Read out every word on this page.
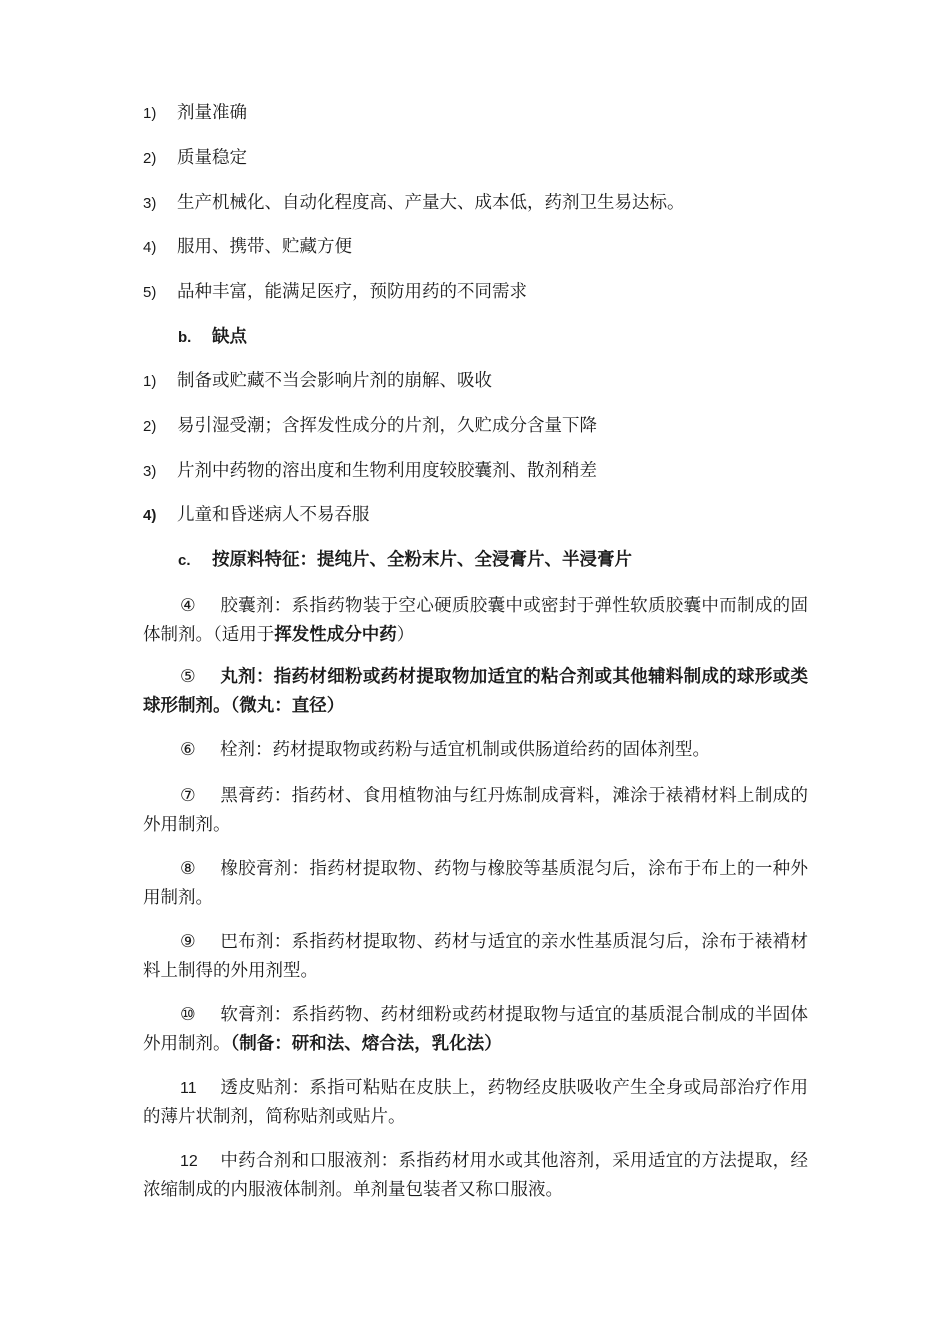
1) 剂量准确
2) 质量稳定
3) 生产机械化、自动化程度高、产量大、成本低，药剂卫生易达标。
4) 服用、携带、贮藏方便
5) 品种丰富，能满足医疗，预防用药的不同需求
b. 缺点
1) 制备或贮藏不当会影响片剂的崩解、吸收
2) 易引湿受潮；含挥发性成分的片剂，久贮成分含量下降
3) 片剂中药物的溶出度和生物利用度较胶囊剂、散剂稍差
4) 儿童和昏迷病人不易吞服
c. 按原料特征：提纯片、全粉末片、全浸膏片、半浸膏片
④ 胶囊剂：系指药物装于空心硬质胶囊中或密封于弹性软质胶囊中而制成的固体制剂。（适用于挥发性成分中药）
⑤ 丸剂：指药材细粉或药材提取物加适宜的粘合剂或其他辅料制成的球形或类球形制剂。（微丸：直径）
⑥ 栓剂：药材提取物或药粉与适宜机制或供肠道给药的固体剂型。
⑦ 黑膏药：指药材、食用植物油与红丹炼制成膏料，滩涂于裱褙材料上制成的外用制剂。
⑧ 橡胶膏剂：指药材提取物、药物与橡胶等基质混匀后，涂布于布上的一种外用制剂。
⑨ 巴布剂：系指药材提取物、药材与适宜的亲水性基质混匀后，涂布于裱褙材料上制得的外用剂型。
⑩ 软膏剂：系指药物、药材细粉或药材提取物与适宜的基质混合制成的半固体外用制剂。（制备：研和法、熔合法，乳化法）
11 透皮贴剂：系指可粘贴在皮肤上，药物经皮肤吸收产生全身或局部治疗作用的薄片状制剂，简称贴剂或贴片。
12 中药合剂和口服液剂：系指药材用水或其他溶剂，采用适宜的方法提取，经浓缩制成的内服液体制剂。单剂量包装者又称口服液。
